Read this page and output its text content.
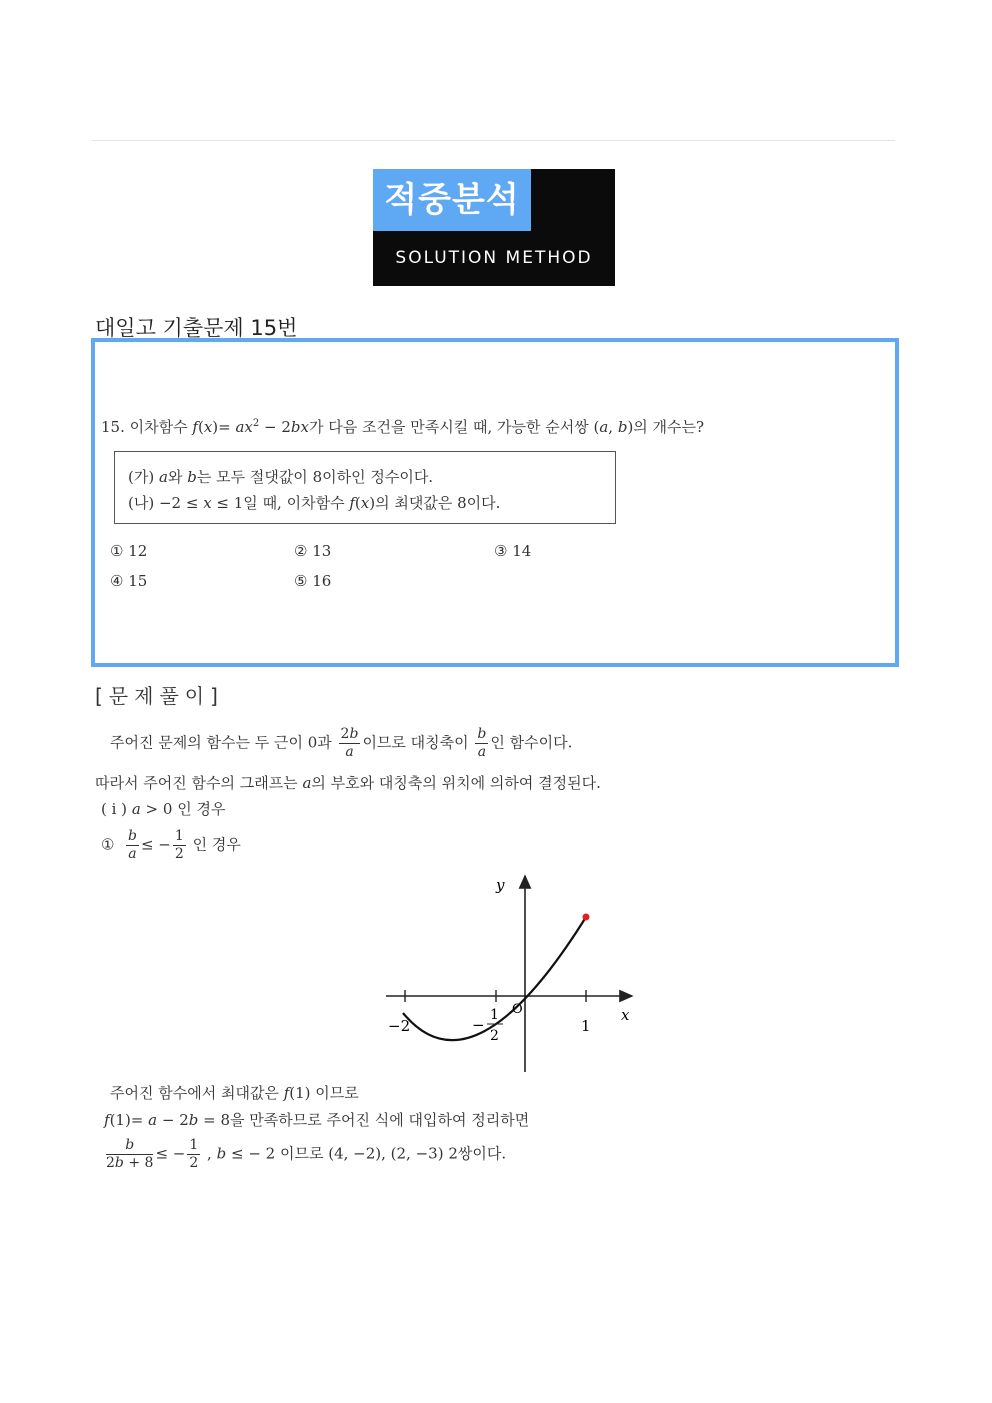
적중분석
SOLUTION METHOD
대일고 기출문제 15번
15. 이차함수 $f(x)= ax^2 - 2bx$가 다음 조건을 만족시킬 때, 가능한 순서쌍 (a, b)의 개수는?
(가) a와 b는 모두 절댓값이 8이하인 정수이다.
(나) −2 ≤ x ≤ 1일 때, 이차함수 f(x)의 최댓값은 8이다.
① 12	② 13	③ 14
④ 15	⑤ 16
[문제풀이]
주어진 문제의 함수는 두 근이 0과 $\frac{2b}{a}$ 이므로 대칭축이 $\frac{b}{a}$ 인 함수이다.
따라서 주어진 함수의 그래프는 a의 부호와 대칭축의 위치에 의하여 결정된다.
( i ) a > 0 인 경우
① $\frac{b}{a}$ ≤ − $\frac{1}{2}$ 인 경우
y
x
O
−2	−
1
2
1
주어진 함수에서 최대값은 f(1) 이므로
f(1)= a − 2b = 8을 만족하므로 주어진 식에 대입하여 정리하면
$\frac{b}{2b + 8}$ ≤ − $\frac{1}{2}$ , b ≤ − 2 이므로 (4, −2), (2, −3) 2쌍이다.
